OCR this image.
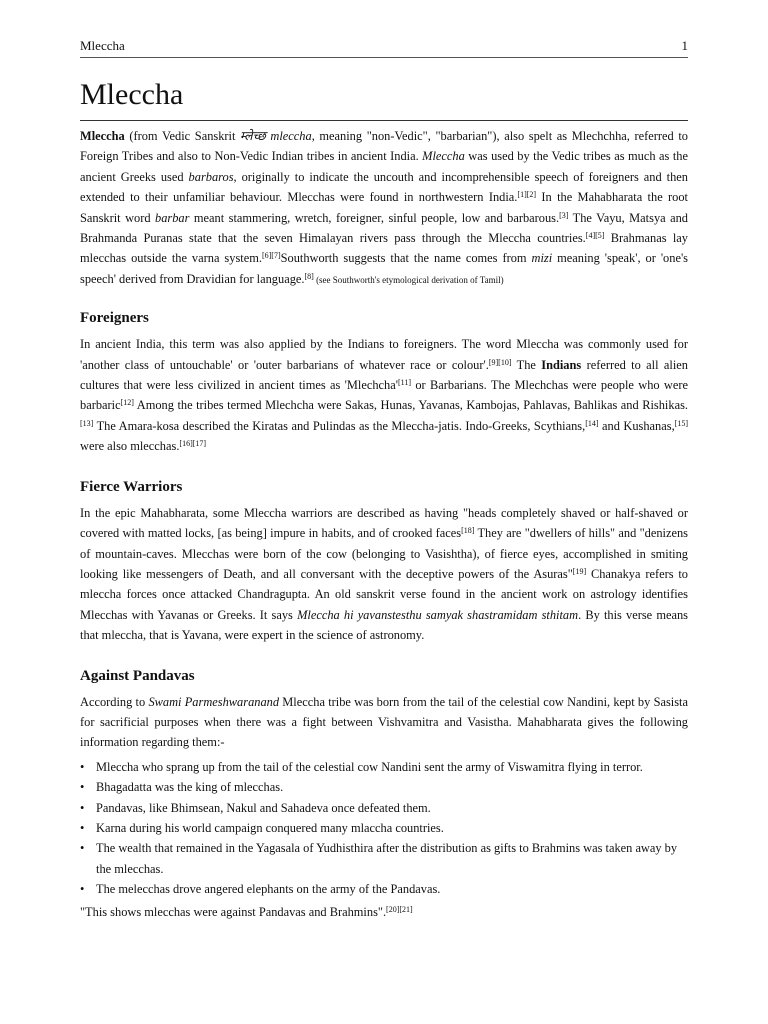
Mleccha	1
Mleccha

Mleccha (from Vedic Sanskrit म्लेच्छ mleccha, meaning "non-Vedic", "barbarian"), also spelt as Mlechchha, referred to Foreign Tribes and also to Non-Vedic Indian tribes in ancient India. Mleccha was used by the Vedic tribes as much as the ancient Greeks used barbaros, originally to indicate the uncouth and incomprehensible speech of foreigners and then extended to their unfamiliar behaviour. Mlecchas were found in northwestern India.[1][2] In the Mahabharata the root Sanskrit word barbar meant stammering, wretch, foreigner, sinful people, low and barbarous.[3] The Vayu, Matsya and Brahmanda Puranas state that the seven Himalayan rivers pass through the Mleccha countries.[4][5] Brahmanas lay mlecchas outside the varna system.[6][7]Southworth suggests that the name comes from mizi meaning 'speak', or 'one's speech' derived from Dravidian for language.[8] (see Southworth's etymological derivation of Tamil)

Foreigners

In ancient India, this term was also applied by the Indians to foreigners. The word Mleccha was commonly used for 'another class of untouchable' or 'outer barbarians of whatever race or colour'.[9][10] The Indians referred to all alien cultures that were less civilized in ancient times as 'Mlechcha'[11] or Barbarians. The Mlechchas were people who were barbaric[12] Among the tribes termed Mlechcha were Sakas, Hunas, Yavanas, Kambojas, Pahlavas, Bahlikas and Rishikas.[13] The Amara-kosa described the Kiratas and Pulindas as the Mleccha-jatis. Indo-Greeks, Scythians,[14] and Kushanas,[15] were also mlecchas.[16][17]

Fierce Warriors

In the epic Mahabharata, some Mleccha warriors are described as having "heads completely shaved or half-shaved or covered with matted locks, [as being] impure in habits, and of crooked faces[18] They are "dwellers of hills" and "denizens of mountain-caves. Mlecchas were born of the cow (belonging to Vasishtha), of fierce eyes, accomplished in smiting looking like messengers of Death, and all conversant with the deceptive powers of the Asuras"[19] Chanakya refers to mleccha forces once attacked Chandragupta. An old sanskrit verse found in the ancient work on astrology identifies Mlecchas with Yavanas or Greeks. It says Mleccha hi yavanstesthu samyak shastramidam sthitam. By this verse means that mlecchа, that is Yavana, were expert in the science of astronomy.

Against Pandavas

According to Swami Parmeshwaranand Mleccha tribe was born from the tail of the celestial cow Nandini, kept by Sasista for sacrificial purposes when there was a fight between Vishvamitra and Vasistha. Mahabharata gives the following information regarding them:-

• Mleccha who sprang up from the tail of the celestial cow Nandini sent the army of Viswamitra flying in terror.
• Bhagadatta was the king of mlecchas.
• Pandavas, like Bhimsean, Nakul and Sahadeva once defeated them.
• Karna during his world campaign conquered many mlaccha countries.
• The wealth that remained in the Yagasala of Yudhisthira after the distribution as gifts to Brahmins was taken away by the mlecchas.
• The melecchas drove angered elephants on the army of the Pandavas.

"This shows mlecchas were against Pandavas and Brahmins".[20][21]
